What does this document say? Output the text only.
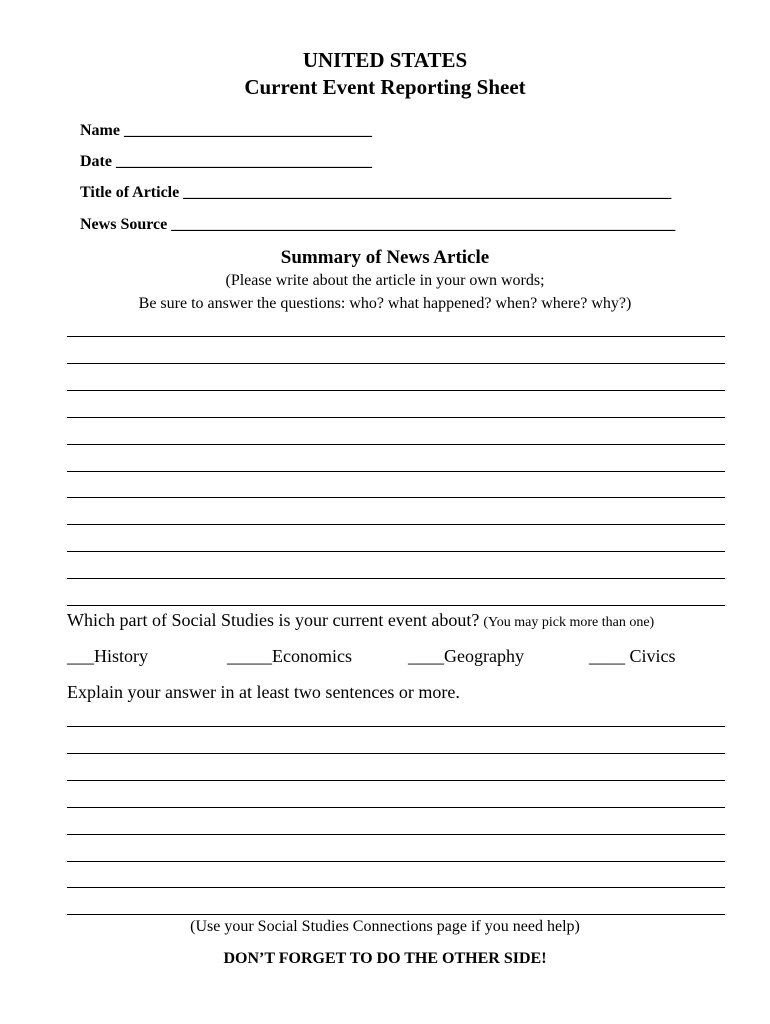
UNITED STATES
Current Event Reporting Sheet
Name _______________________________
Date ________________________________
Title of Article _____________________________________________________________
News Source _______________________________________________________________
Summary of News Article
(Please write about the article in your own words;
Be sure to answer the questions: who? what happened? when? where? why?)
Which part of Social Studies is your current event about? (You may pick more than one)
___History	_____Economics	____Geography	____ Civics
Explain your answer in at least two sentences or more.
(Use your Social Studies Connections page if you need help)
DON’T FORGET TO DO THE OTHER SIDE!
